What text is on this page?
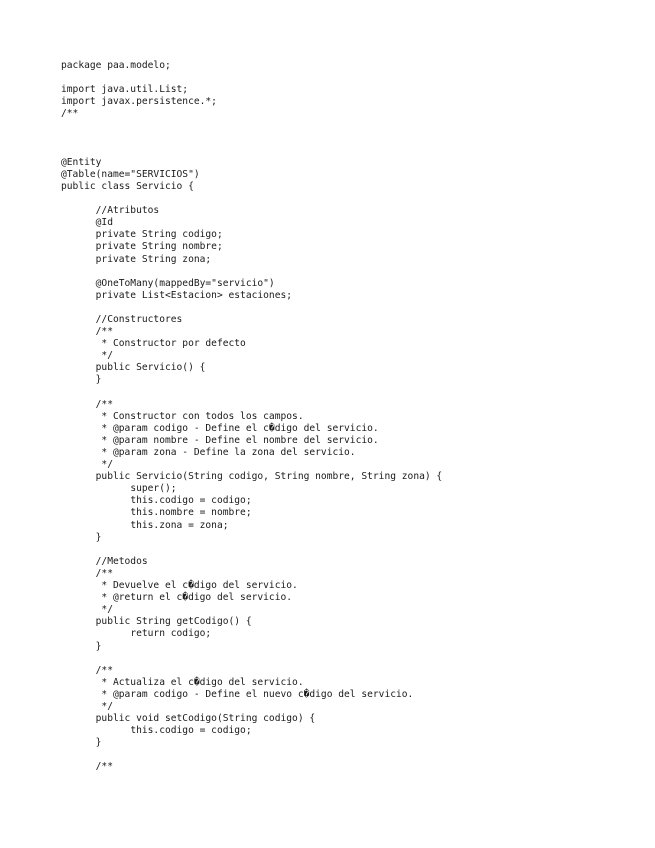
package paa.modelo;
import java.util.List;
import javax.persistence.*;
/**
@Entity
@Table(name="SERVICIOS")
public class Servicio {
	//Atributos
	@Id
	private String codigo;
	private String nombre;
	private String zona;
	@OneToMany(mappedBy="servicio")
	private List<Estacion> estaciones;
	//Constructores
	/**
	* Constructor por defecto
	*/
	public Servicio() {
	}
	/**
	* Constructor con todos los campos.
	* @param codigo - Define el c�digo del servicio.
	* @param nombre - Define el nombre del servicio.
	* @param zona - Define la zona del servicio.
	*/
	public Servicio(String codigo, String nombre, String zona) {
		super();
		this.codigo = codigo;
		this.nombre = nombre;
		this.zona = zona;
	}
	//Metodos
	/**
	* Devuelve el c�digo del servicio.
	* @return el c�digo del servicio.
	*/
	public String getCodigo() {
		return codigo;
	}
	/**
	* Actualiza el c�digo del servicio.
	* @param codigo - Define el nuevo c�digo del servicio.
	*/
	public void setCodigo(String codigo) {
		this.codigo = codigo;
	}
	/**
